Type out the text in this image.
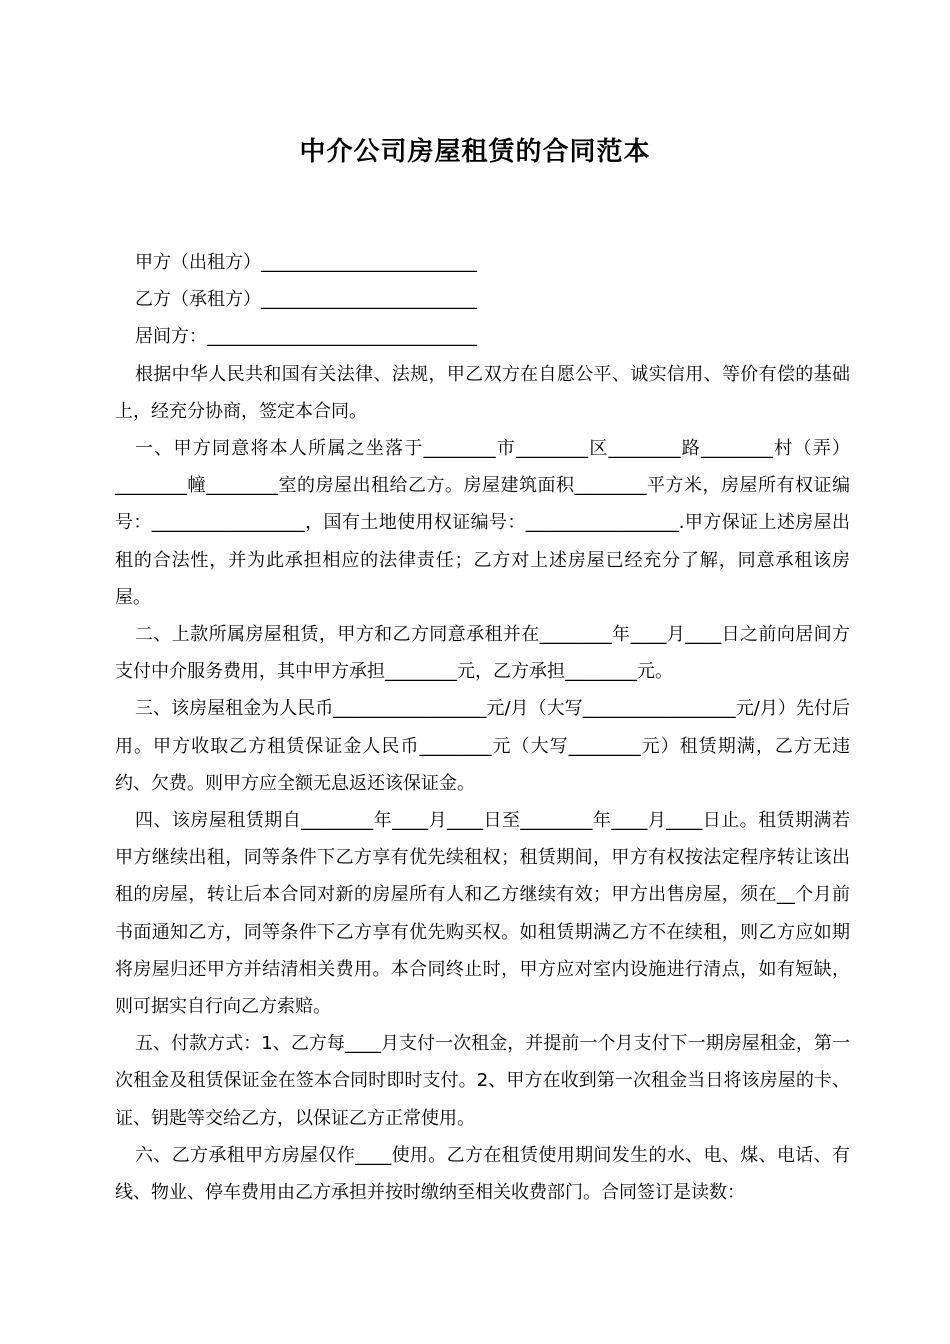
中介公司房屋租赁的合同范本

甲方（出租方）________________________

乙方（承租方）________________________

居间方：______________________________

根据中华人民共和国有关法律、法规，甲乙双方在自愿公平、诚实信用、等价有偿的基础上，经充分协商，签定本合同。

一、甲方同意将本人所属之坐落于________市________区________路________村（弄）________幢________室的房屋出租给乙方。房屋建筑面积________平方米，房屋所有权证编号：_________________，国有土地使用权证编号：_________________.甲方保证上述房屋出租的合法性，并为此承担相应的法律责任；乙方对上述房屋已经充分了解，同意承租该房屋。

二、上款所属房屋租赁，甲方和乙方同意承租并在________年____月____日之前向居间方支付中介服务费用，其中甲方承担________元，乙方承担________元。

三、该房屋租金为人民币_________________元/月（大写_________________元/月）先付后用。甲方收取乙方租赁保证金人民币________元（大写________元）租赁期满，乙方无违约、欠费。则甲方应全额无息返还该保证金。

四、该房屋租赁期自________年____月____日至________年____月____日止。租赁期满若甲方继续出租，同等条件下乙方享有优先续租权；租赁期间，甲方有权按法定程序转让该出租的房屋，转让后本合同对新的房屋所有人和乙方继续有效；甲方出售房屋，须在__个月前书面通知乙方，同等条件下乙方享有优先购买权。如租赁期满乙方不在续租，则乙方应如期将房屋归还甲方并结清相关费用。本合同终止时，甲方应对室内设施进行清点，如有短缺，则可据实自行向乙方索赔。

五、付款方式：1、乙方每____月支付一次租金，并提前一个月支付下一期房屋租金，第一次租金及租赁保证金在签本合同时即时支付。2、甲方在收到第一次租金当日将该房屋的卡、证、钥匙等交给乙方，以保证乙方正常使用。

六、乙方承租甲方房屋仅作____使用。乙方在租赁使用期间发生的水、电、煤、电话、有线、物业、停车费用由乙方承担并按时缴纳至相关收费部门。合同签订是读数：
